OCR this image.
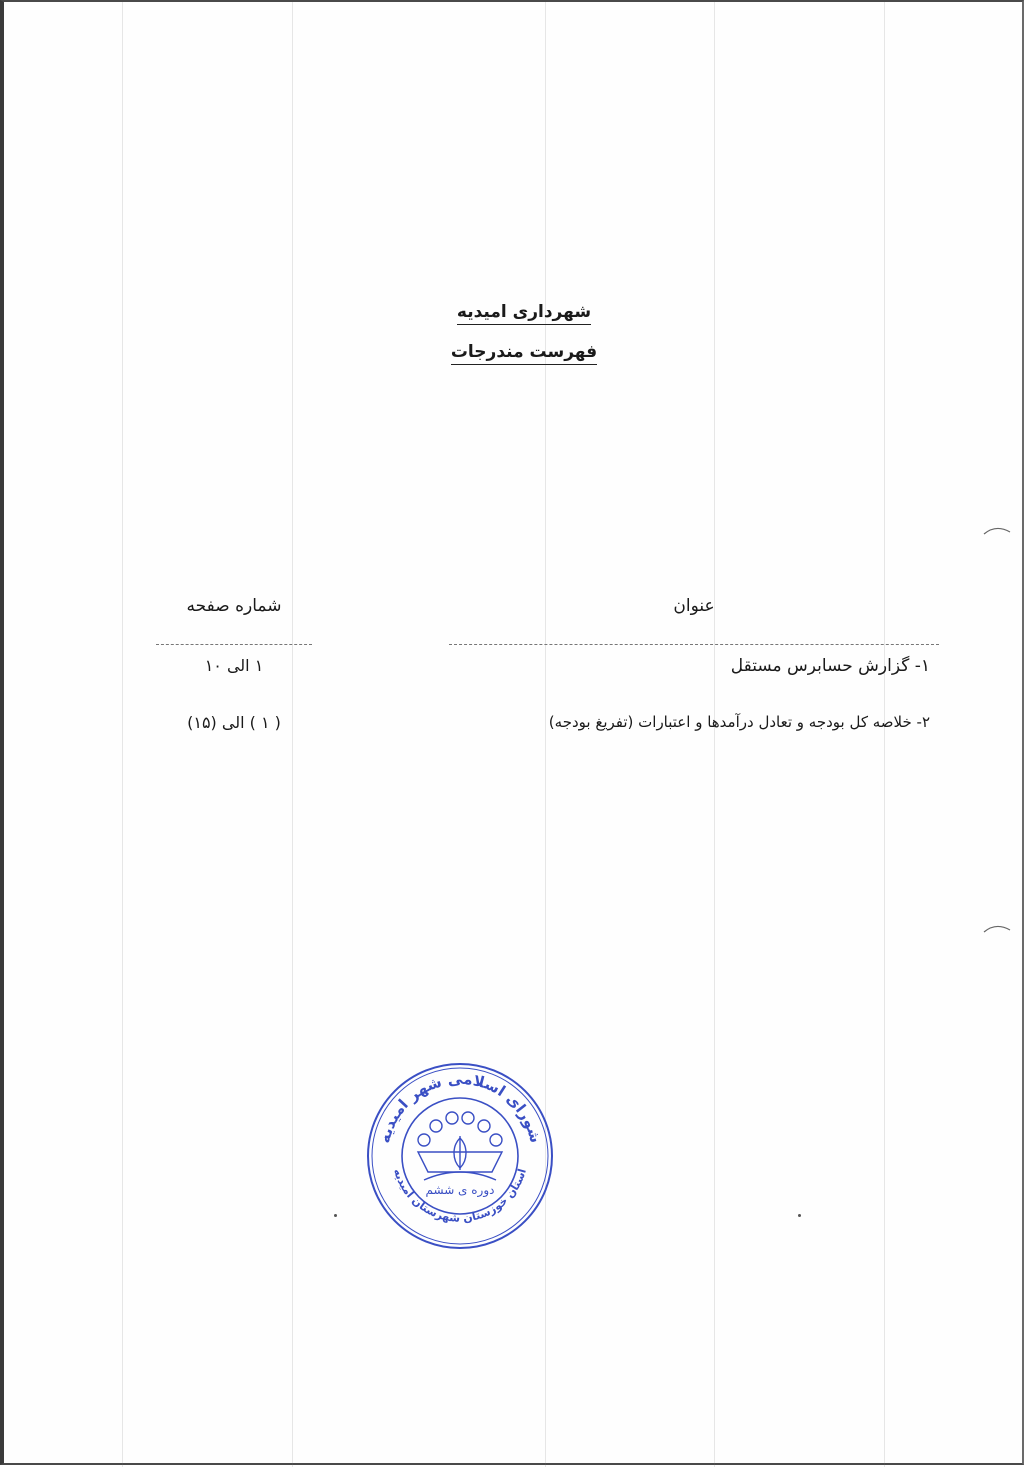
شهرداری امیدیه
فهرست مندرجات
عنوان
شماره صفحه
۱- گزارش حسابرس مستقل
۱ الی ۱۰
۲- خلاصه کل بودجه و تعادل درآمدها و اعتبارات (تفریغ بودجه)
( ۱ ) الی (۱۵)
شورای اسلامی شهر امیدیه
استان خوزستان شهرستان امیدیه
دوره ی ششم
